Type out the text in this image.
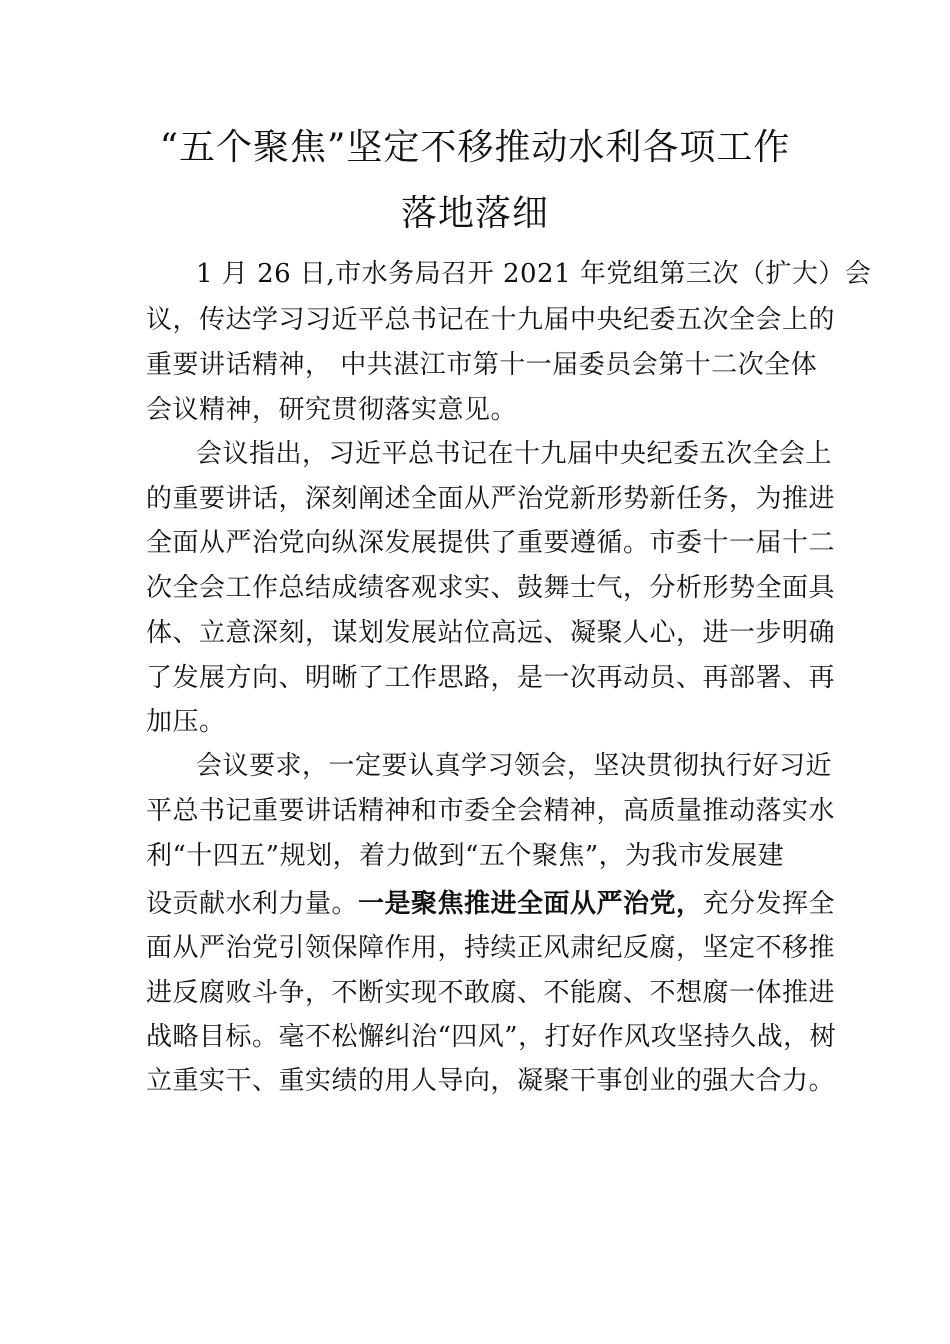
“五个聚焦”坚定不移推动水利各项工作
落地落细
1 月 26 日,市水务局召开 2021 年党组第三次（扩大）会
议，传达学习习近平总书记在十九届中央纪委五次全会上的
重要讲话精神， 中共湛江市第十一届委员会第十二次全体
会议精神，研究贯彻落实意见。
会议指出，习近平总书记在十九届中央纪委五次全会上
的重要讲话，深刻阐述全面从严治党新形势新任务，为推进
全面从严治党向纵深发展提供了重要遵循。市委十一届十二
次全会工作总结成绩客观求实、鼓舞士气，分析形势全面具
体、立意深刻，谋划发展站位高远、凝聚人心，进一步明确
了发展方向、明晰了工作思路，是一次再动员、再部署、再
加压。
会议要求，一定要认真学习领会，坚决贯彻执行好习近
平总书记重要讲话精神和市委全会精神，高质量推动落实水
利“十四五”规划，着力做到“五个聚焦”，为我市发展建
设贡献水利力量。一是聚焦推进全面从严治党，充分发挥全
面从严治党引领保障作用，持续正风肃纪反腐，坚定不移推
进反腐败斗争，不断实现不敢腐、不能腐、不想腐一体推进
战略目标。毫不松懈纠治“四风”，打好作风攻坚持久战，树
立重实干、重实绩的用人导向，凝聚干事创业的强大合力。
